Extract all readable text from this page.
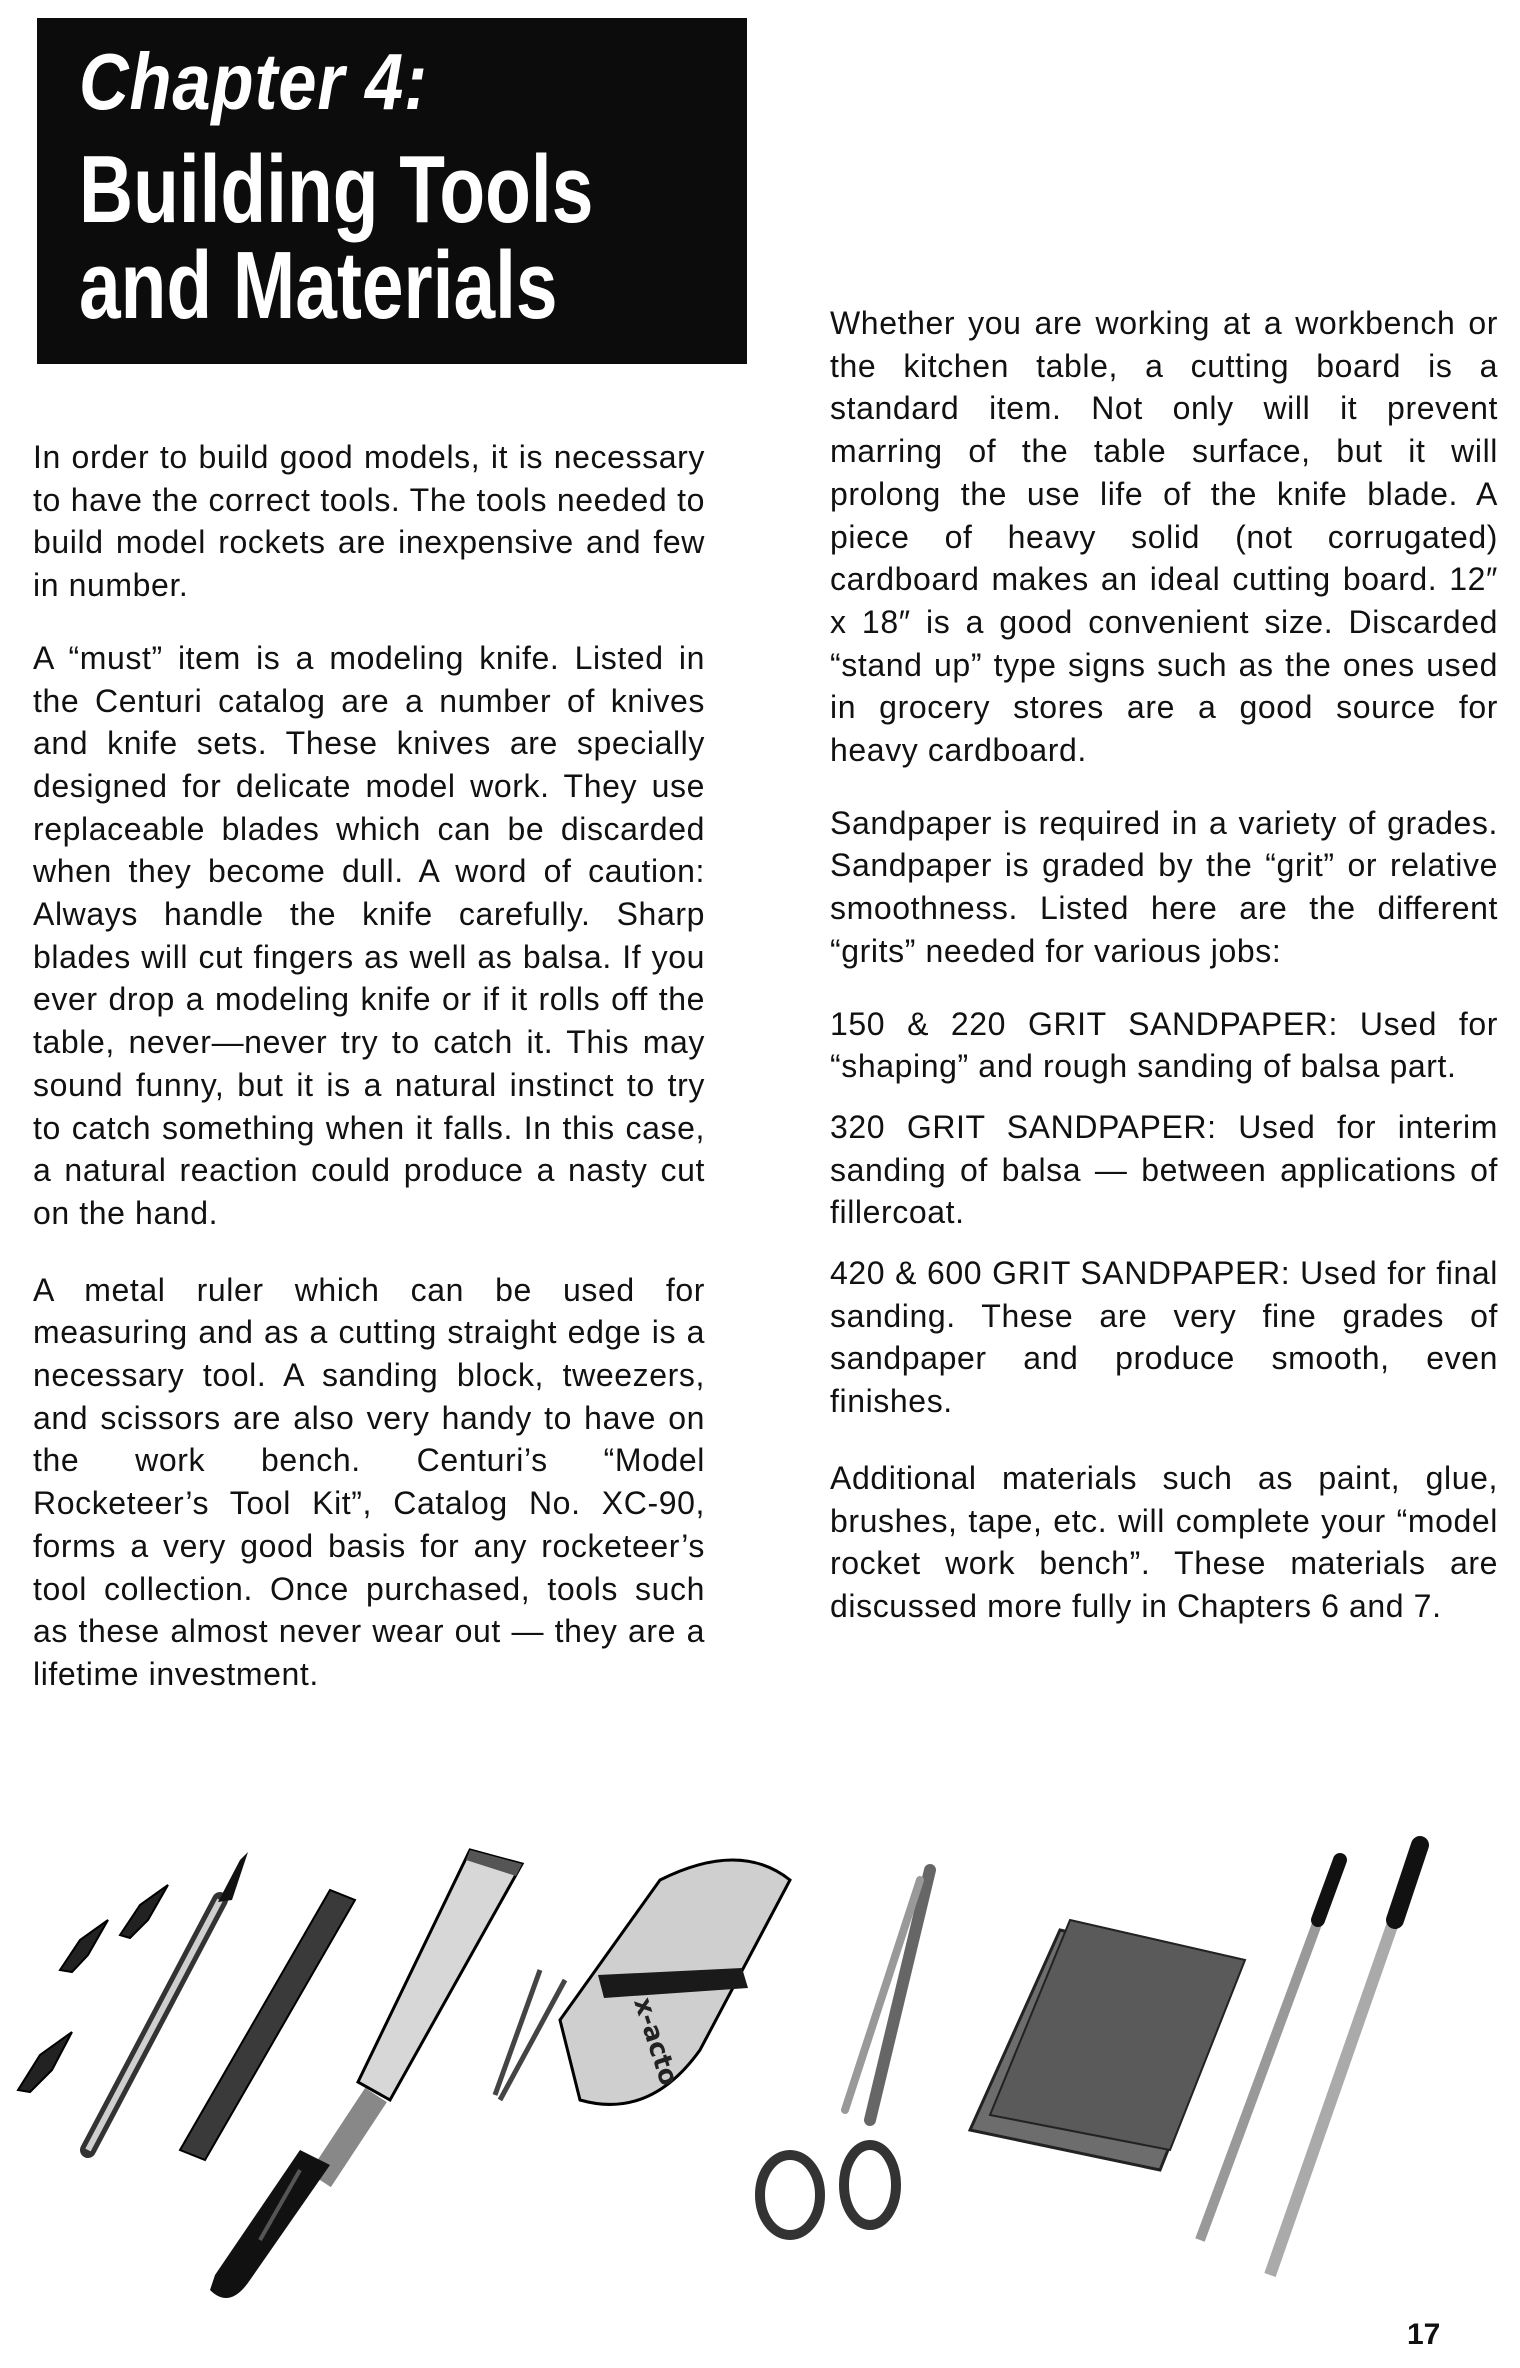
Chapter 4:
Building Tools
and Materials

In order to build good models, it is necessary to have the correct tools. The tools needed to build model rockets are inexpensive and few in number.

A “must” item is a modeling knife. Listed in the Centuri catalog are a number of knives and knife sets. These knives are specially designed for delicate model work. They use replaceable blades which can be discarded when they become dull. A word of caution: Always handle the knife carefully. Sharp blades will cut fingers as well as balsa. If you ever drop a modeling knife or if it rolls off the table, never—never try to catch it. This may sound funny, but it is a natural instinct to try to catch something when it falls. In this case, a natural reaction could produce a nasty cut on the hand.

A metal ruler which can be used for measuring and as a cutting straight edge is a necessary tool. A sanding block, tweezers, and scissors are also very handy to have on the work bench. Centuri’s “Model Rocketeer’s Tool Kit”, Catalog No. XC-90, forms a very good basis for any rocketeer’s tool collection. Once purchased, tools such as these almost never wear out — they are a lifetime investment.

Whether you are working at a workbench or the kitchen table, a cutting board is a standard item. Not only will it prevent marring of the table surface, but it will prolong the use life of the knife blade. A piece of heavy solid (not corrugated) cardboard makes an ideal cutting board. 12″ x 18″ is a good convenient size. Discarded “stand up” type signs such as the ones used in grocery stores are a good source for heavy cardboard.

Sandpaper is required in a variety of grades. Sandpaper is graded by the “grit” or relative smoothness. Listed here are the different “grits” needed for various jobs:

150 & 220 GRIT SANDPAPER: Used for “shaping” and rough sanding of balsa part.

320 GRIT SANDPAPER: Used for interim sanding of balsa — between applications of fillercoat.

420 & 600 GRIT SANDPAPER: Used for final sanding. These are very fine grades of sandpaper and produce smooth, even finishes.

Additional materials such as paint, glue, brushes, tape, etc. will complete your “model rocket work bench”. These materials are discussed more fully in Chapters 6 and 7.

x-acto
17
